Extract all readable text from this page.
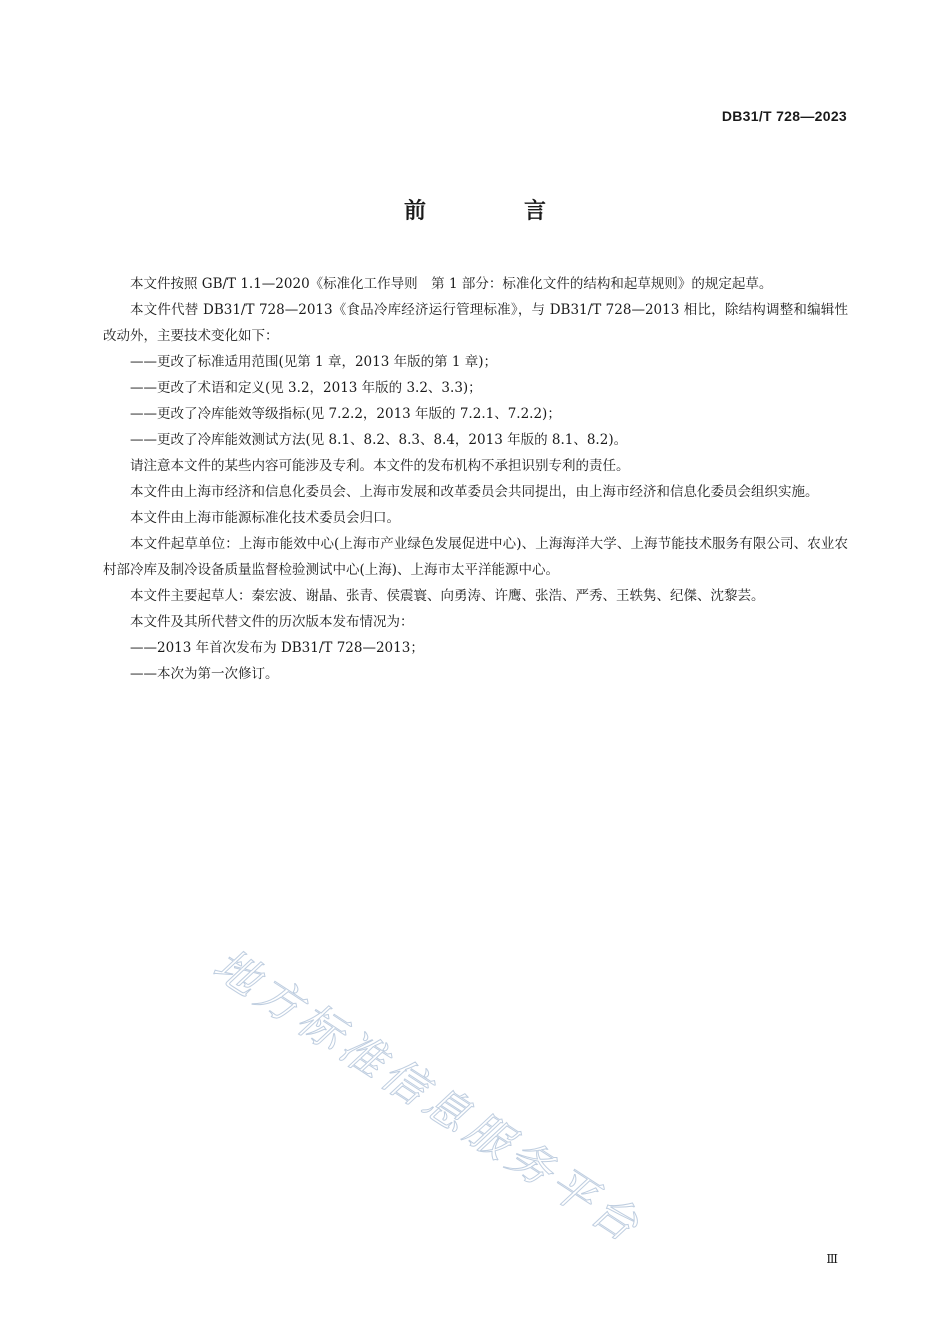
DB31/T 728—2023
前　言

本文件按照 GB/T 1.1—2020《标准化工作导则　第 1 部分：标准化文件的结构和起草规则》的规定起草。

本文件代替 DB31/T 728—2013《食品冷库经济运行管理标准》，与 DB31/T 728—2013 相比，除结构调整和编辑性改动外，主要技术变化如下：

——更改了标准适用范围(见第 1 章，2013 年版的第 1 章)；

——更改了术语和定义(见 3.2，2013 年版的 3.2、3.3)；

——更改了冷库能效等级指标(见 7.2.2，2013 年版的 7.2.1、7.2.2)；

——更改了冷库能效测试方法(见 8.1、8.2、8.3、8.4，2013 年版的 8.1、8.2)。

请注意本文件的某些内容可能涉及专利。本文件的发布机构不承担识别专利的责任。

本文件由上海市经济和信息化委员会、上海市发展和改革委员会共同提出，由上海市经济和信息化委员会组织实施。

本文件由上海市能源标准化技术委员会归口。

本文件起草单位：上海市能效中心(上海市产业绿色发展促进中心)、上海海洋大学、上海节能技术服务有限公司、农业农村部冷库及制冷设备质量监督检验测试中心(上海)、上海市太平洋能源中心。

本文件主要起草人：秦宏波、谢晶、张青、侯震寰、向勇涛、许鹰、张浩、严秀、王轶隽、纪傑、沈黎芸。

本文件及其所代替文件的历次版本发布情况为：

——2013 年首次发布为 DB31/T 728—2013；

——本次为第一次修订。

地方标准信息服务平台
Ⅲ
